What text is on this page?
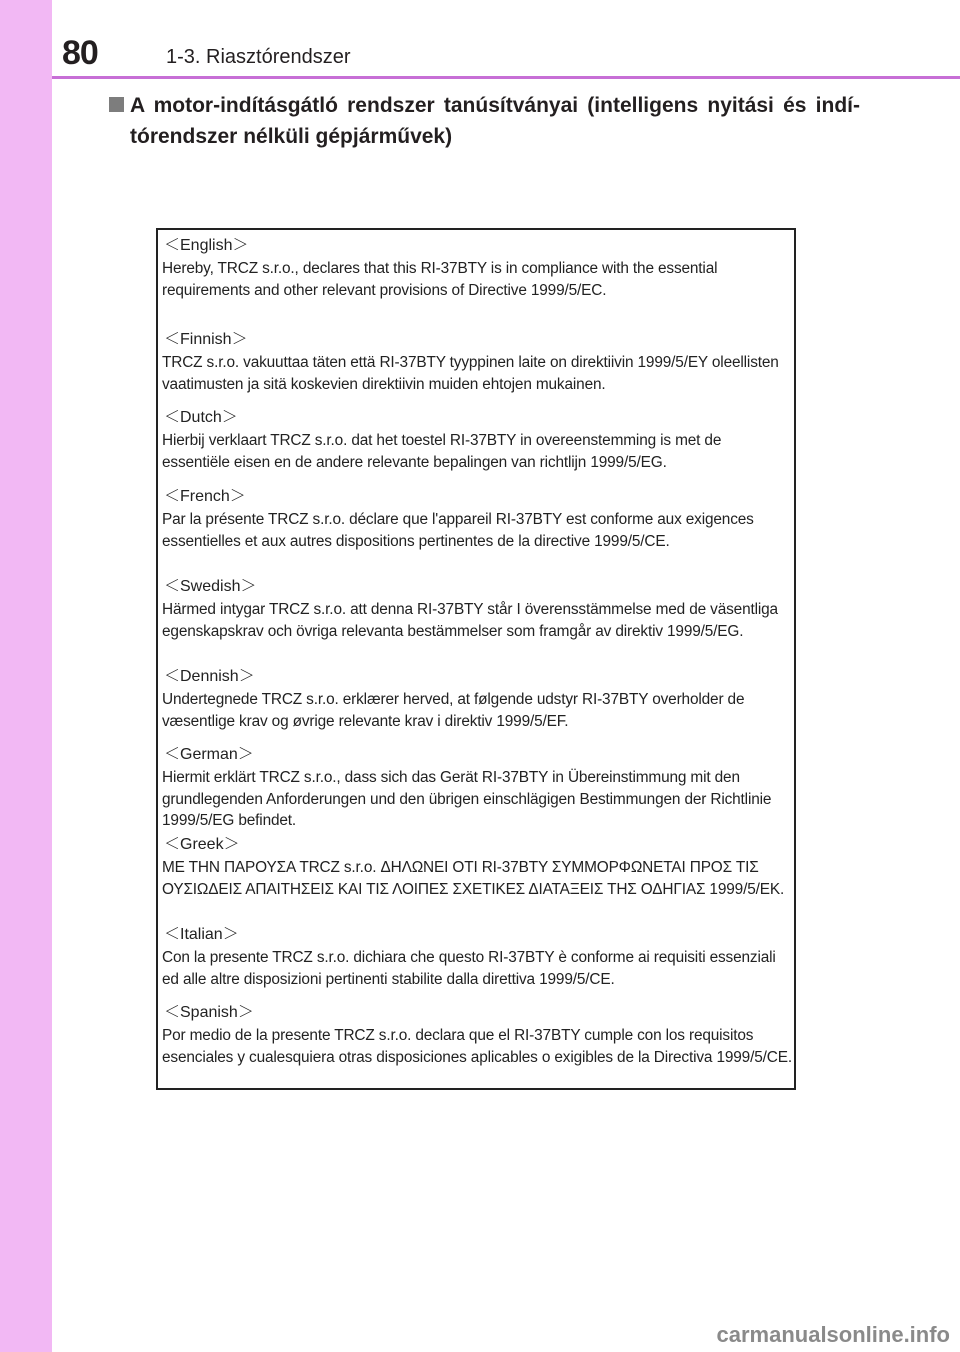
80	1-3. Riasztórendszer
A motor-indításgátló rendszer tanúsítványai (intelligens nyitási és indí-tórendszer nélküli gépjárművek)
＜English＞
Hereby, TRCZ s.r.o., declares that this RI-37BTY is in compliance with the essential requirements and other relevant provisions of Directive 1999/5/EC.
＜Finnish＞
TRCZ s.r.o. vakuuttaa täten että RI-37BTY tyyppinen laite on direktiivin 1999/5/EY oleellisten vaatimusten ja sitä koskevien direktiivin muiden ehtojen mukainen.
＜Dutch＞
Hierbij verklaart TRCZ s.r.o. dat het toestel RI-37BTY in overeenstemming is met de essentiële eisen en de andere relevante bepalingen van richtlijn 1999/5/EG.
＜French＞
Par la présente TRCZ s.r.o. déclare que l'appareil RI-37BTY est conforme aux exigences essentielles et aux autres dispositions pertinentes de la directive 1999/5/CE.
＜Swedish＞
Härmed intygar TRCZ s.r.o. att denna RI-37BTY står I överensstämmelse med de väsentliga egenskapskrav och övriga relevanta bestämmelser som framgår av direktiv 1999/5/EG.
＜Dennish＞
Undertegnede TRCZ s.r.o. erklærer herved, at følgende udstyr RI-37BTY overholder de væsentlige krav og øvrige relevante krav i direktiv 1999/5/EF.
＜German＞
Hiermit erklärt TRCZ s.r.o., dass sich das Gerät RI-37BTY in Übereinstimmung mit den grundlegenden Anforderungen und den übrigen einschlägigen Bestimmungen der Richtlinie 1999/5/EG befindet.
＜Greek＞
ΜΕ ΤΗΝ ΠΑΡΟΥΣΑ TRCZ s.r.o. ΔΗΛΩΝΕΙ ΟΤΙ RI-37BTY ΣΥΜΜΟΡΦΩΝΕΤΑΙ ΠΡΟΣ ΤΙΣ ΟΥΣΙΩΔΕΙΣ ΑΠΑΙΤΗΣΕΙΣ ΚΑΙ ΤΙΣ ΛΟΙΠΕΣ ΣΧΕΤΙΚΕΣ ΔΙΑΤΑΞΕΙΣ ΤΗΣ ΟΔΗΓΙΑΣ 1999/5/ΕΚ.
＜Italian＞
Con la presente TRCZ s.r.o. dichiara che questo RI-37BTY è conforme ai requisiti essenziali ed alle altre disposizioni pertinenti stabilite dalla direttiva 1999/5/CE.
＜Spanish＞
Por medio de la presente TRCZ s.r.o. declara que el RI-37BTY cumple con los requisitos esenciales y cualesquiera otras disposiciones aplicables o exigibles de la Directiva 1999/5/CE.
carmanualsonline.info
